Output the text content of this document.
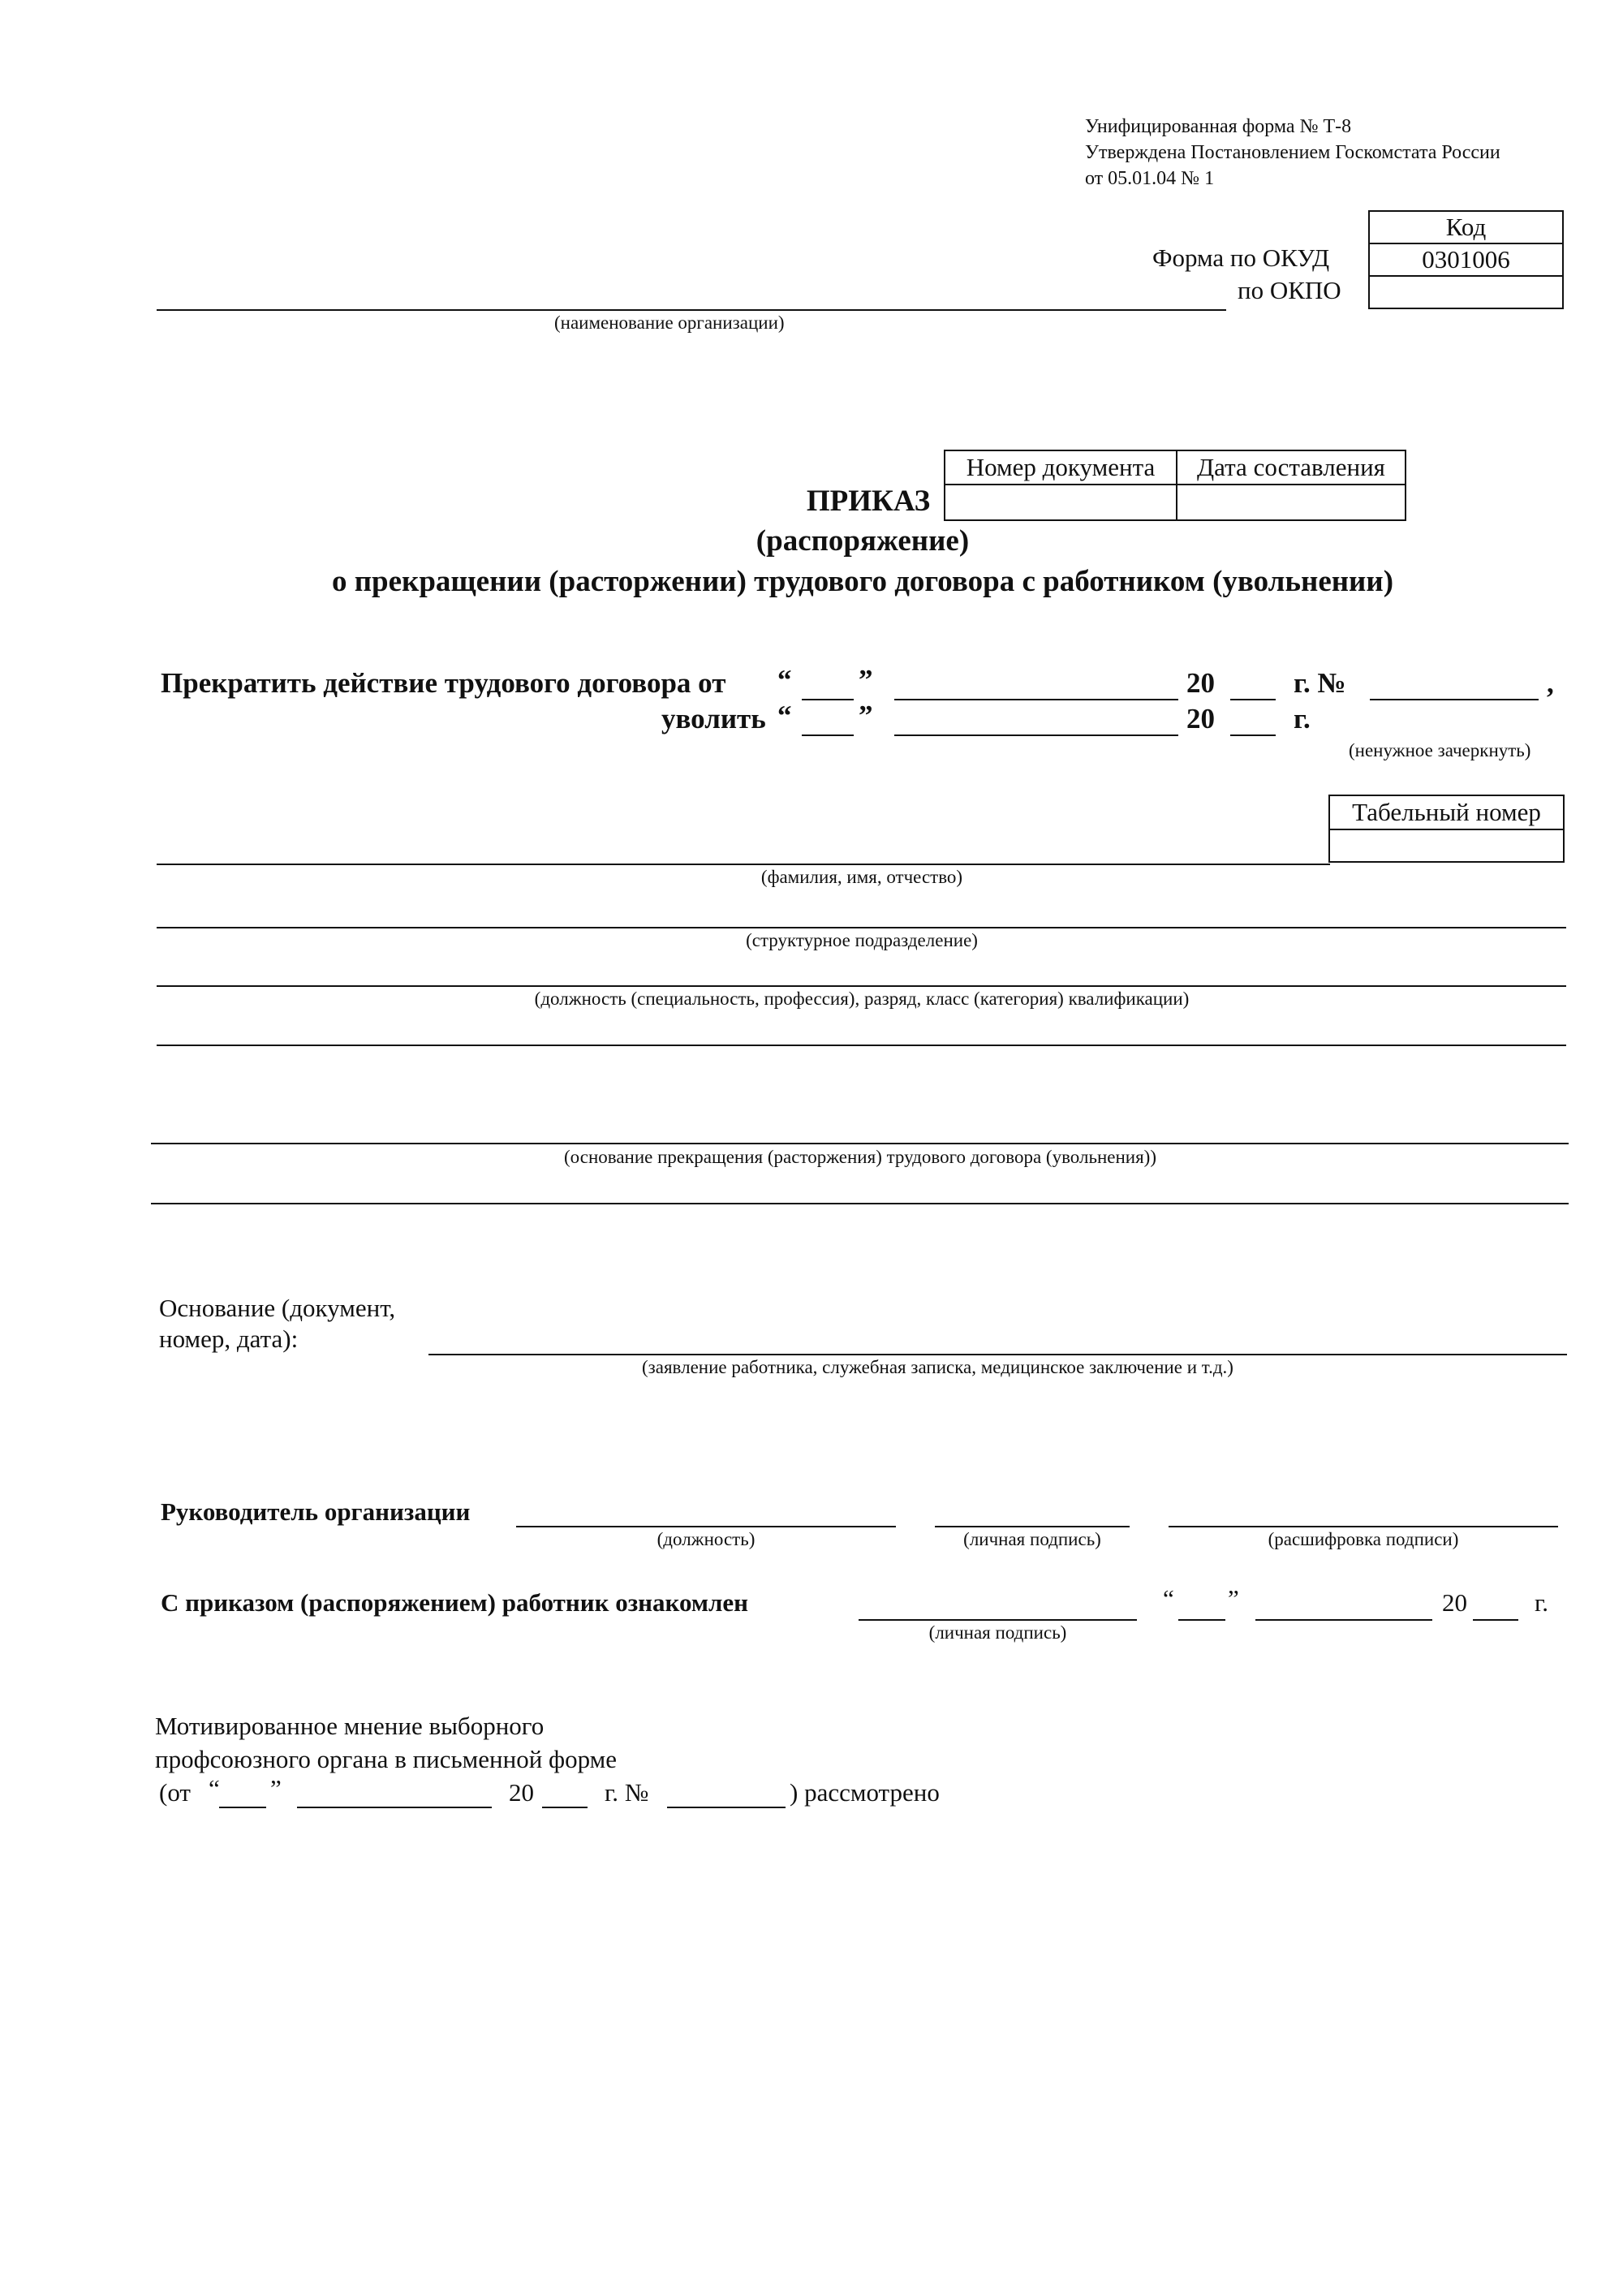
Унифицированная форма № Т-8
Утверждена Постановлением Госкомстата России
от 05.01.04 № 1
Форма по ОКУД
по ОКПО
Код
0301006

(наименование организации)
Номер документа	Дата составления

ПРИКАЗ
(распоряжение)
о прекращении (расторжении) трудового договора с работником (увольнении)
Прекратить действие трудового договора от “ ”	20	г. №	,
уволить “ ”	20	г.
(ненужное зачеркнуть)
Табельный номер

(фамилия, имя, отчество)
(структурное подразделение)
(должность (специальность, профессия), разряд, класс (категория) квалификации)
(основание прекращения (расторжения) трудового договора (увольнения))
Основание (документ,
номер, дата):
(заявление работника, служебная записка, медицинское заключение и т.д.)
Руководитель организации
(должность)	(личная подпись)	(расшифровка подписи)
С приказом (распоряжением) работник ознакомлен
(личная подпись)
“ ”	20	г.
Мотивированное мнение выборного
профсоюзного органа в письменной форме
(от “ ”	20	г. №	) рассмотрено
